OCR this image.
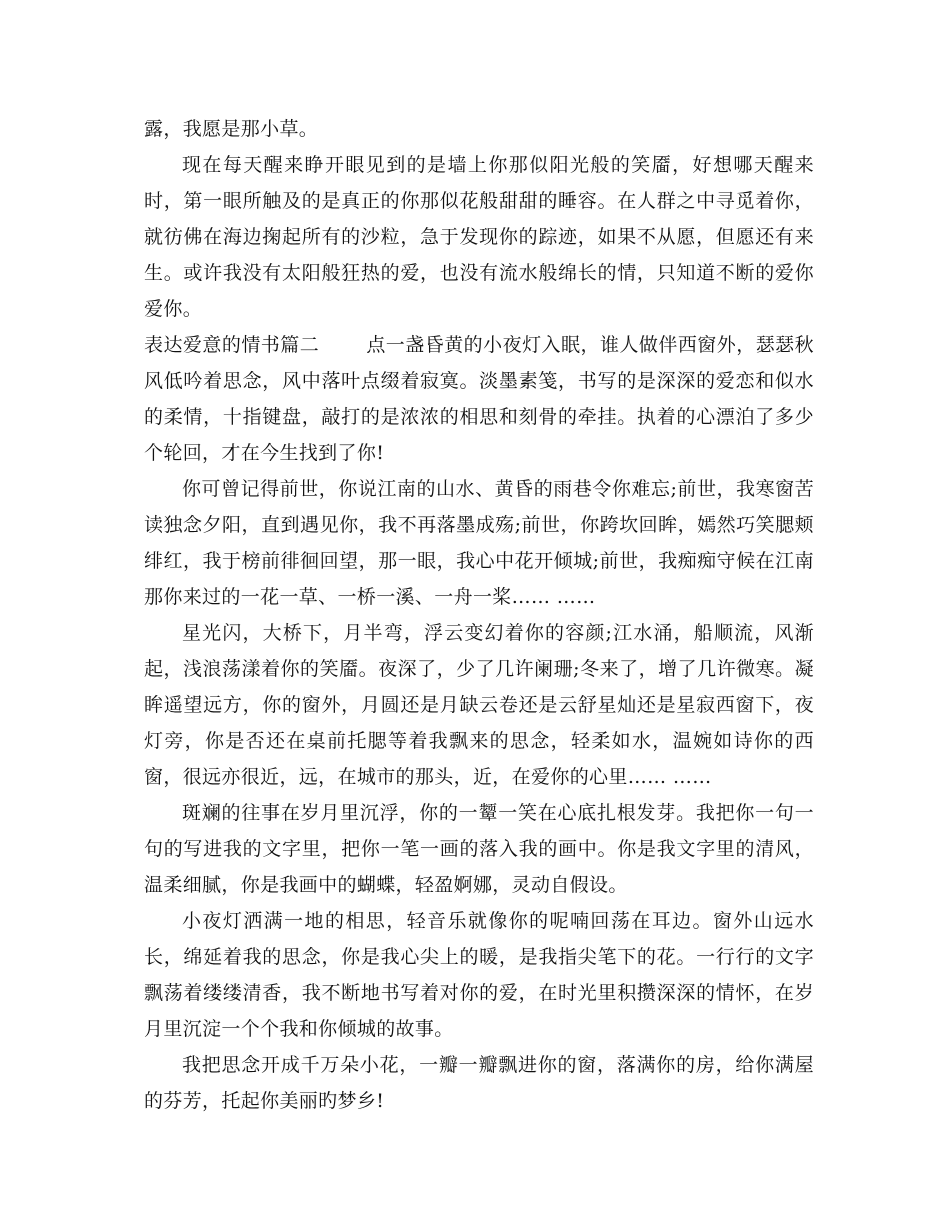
露，我愿是那小草。

现在每天醒来睁开眼见到的是墙上你那似阳光般的笑靥，好想哪天醒来时，第一眼所触及的是真正的你那似花般甜甜的睡容。在人群之中寻觅着你，就彷佛在海边掬起所有的沙粒，急于发现你的踪迹，如果不从愿，但愿还有来生。或许我没有太阳般狂热的爱，也没有流水般绵长的情，只知道不断的爱你爱你。

表达爱意的情书篇二 点一盏昏黄的小夜灯入眠，谁人做伴西窗外，瑟瑟秋风低吟着思念，风中落叶点缀着寂寞。淡墨素笺，书写的是深深的爱恋和似水的柔情，十指键盘，敲打的是浓浓的相思和刻骨的牵挂。执着的心漂泊了多少个轮回，才在今生找到了你!

你可曾记得前世，你说江南的山水、黄昏的雨巷令你难忘;前世，我寒窗苦读独念夕阳，直到遇见你，我不再落墨成殇;前世，你跨坎回眸，嫣然巧笑腮颊绯红，我于榜前徘徊回望，那一眼，我心中花开倾城;前世，我痴痴守候在江南那你来过的一花一草、一桥一溪、一舟一桨…… ……

星光闪，大桥下，月半弯，浮云变幻着你的容颜;江水涌，船顺流，风渐起，浅浪荡漾着你的笑靥。夜深了，少了几许阑珊;冬来了，增了几许微寒。凝眸遥望远方，你的窗外，月圆还是月缺云卷还是云舒星灿还是星寂西窗下，夜灯旁，你是否还在桌前托腮等着我飘来的思念，轻柔如水，温婉如诗你的西窗，很远亦很近，远，在城市的那头，近，在爱你的心里…… ……

斑斓的往事在岁月里沉浮，你的一颦一笑在心底扎根发芽。我把你一句一句的写进我的文字里，把你一笔一画的落入我的画中。你是我文字里的清风，温柔细腻，你是我画中的蝴蝶，轻盈婀娜，灵动自假设。

小夜灯洒满一地的相思，轻音乐就像你的呢喃回荡在耳边。窗外山远水长，绵延着我的思念，你是我心尖上的暖，是我指尖笔下的花。一行行的文字飘荡着缕缕清香，我不断地书写着对你的爱，在时光里积攒深深的情怀，在岁月里沉淀一个个我和你倾城的故事。

我把思念开成千万朵小花，一瓣一瓣飘进你的窗，落满你的房，给你满屋的芬芳，托起你美丽旳梦乡!
